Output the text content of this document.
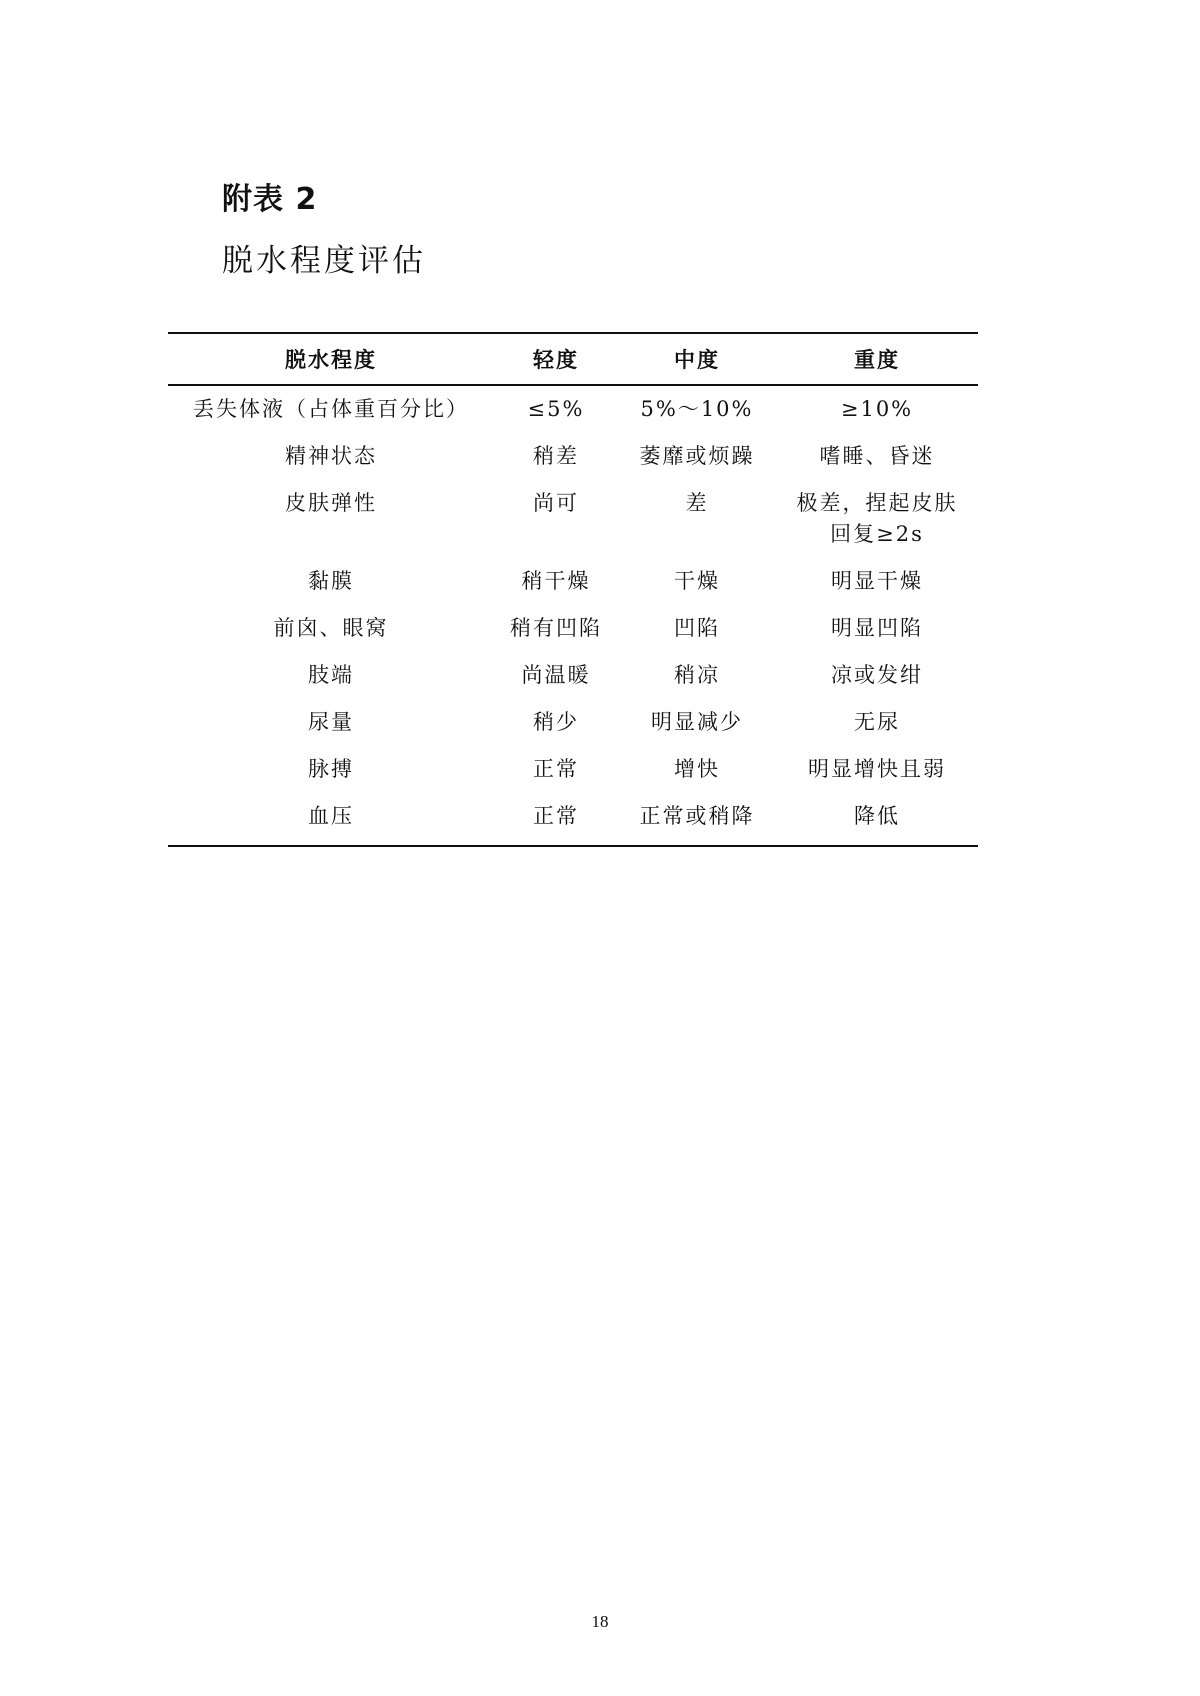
附表 2
脱水程度评估
脱水程度	轻度	中度	重度
丢失体液（占体重百分比）	≤5%	5%～10%	≥10%
精神状态	稍差	萎靡或烦躁	嗜睡、昏迷
皮肤弹性	尚可	差	极差，捏起皮肤回复≥2s
黏膜	稍干燥	干燥	明显干燥
前囟、眼窝	稍有凹陷	凹陷	明显凹陷
肢端	尚温暖	稍凉	凉或发绀
尿量	稍少	明显减少	无尿
脉搏	正常	增快	明显增快且弱
血压	正常	正常或稍降	降低
18
